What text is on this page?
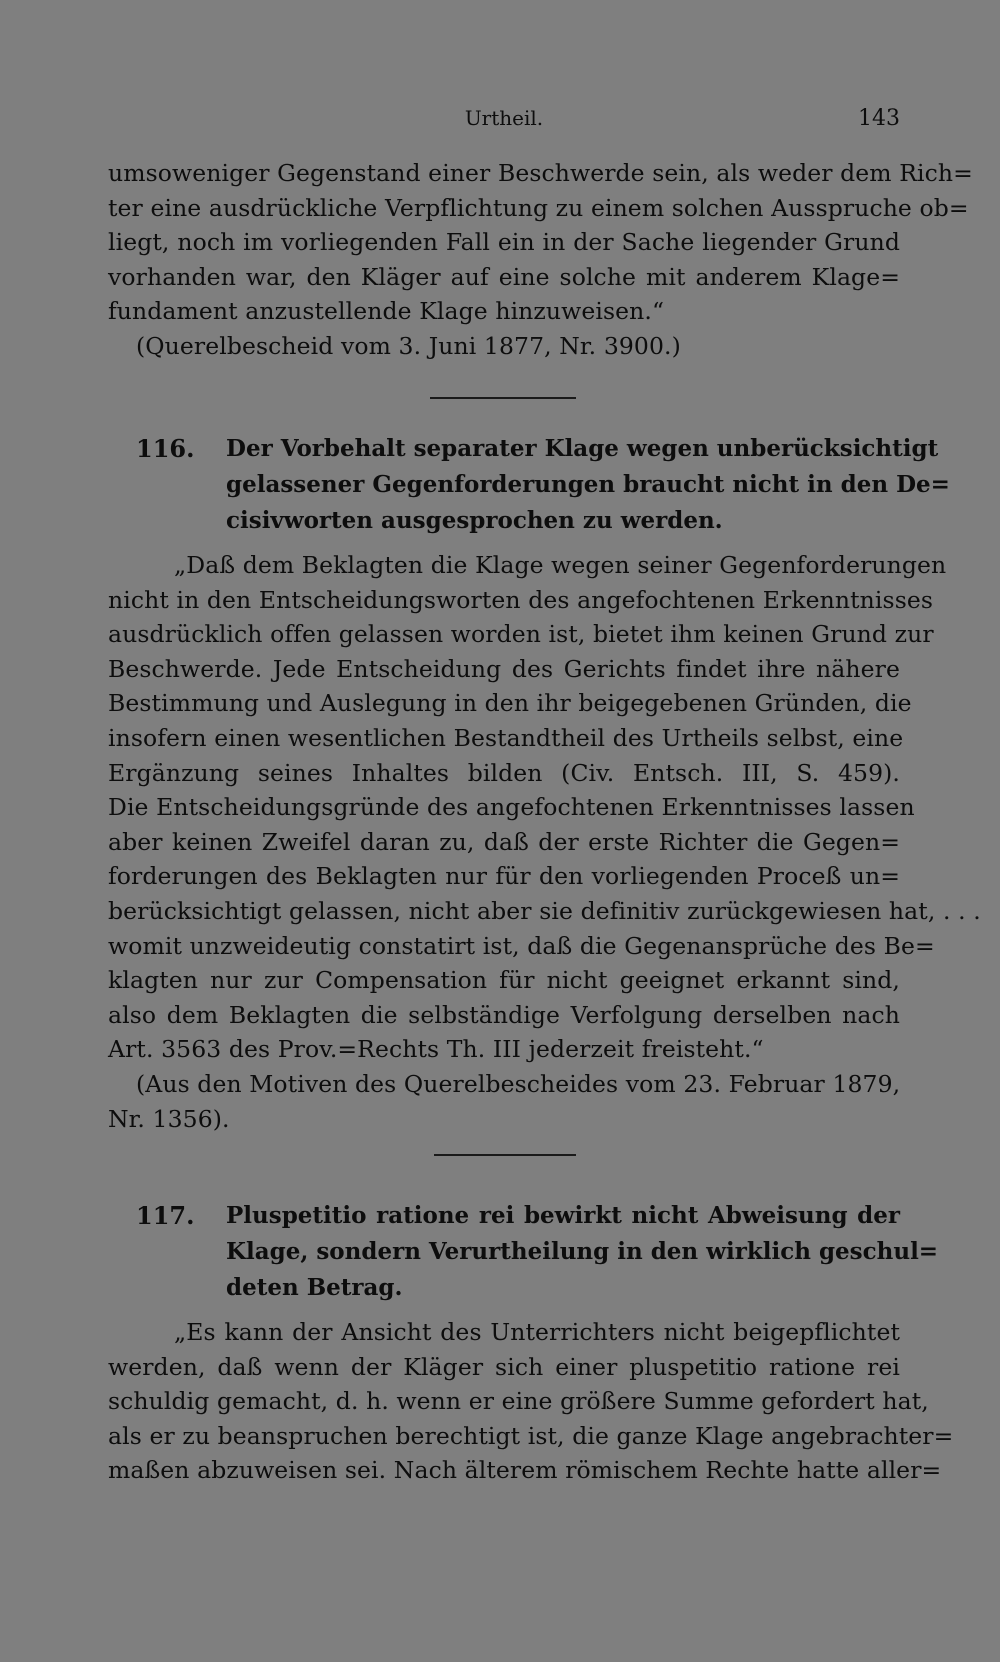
Urtheil.	143
umsoweniger Gegenstand einer Beschwerde sein, als weder dem Rich=
ter eine ausdrückliche Verpflichtung zu einem solchen Ausspruche ob=
liegt, noch im vorliegenden Fall ein in der Sache liegender Grund
vorhanden war, den Kläger auf eine solche mit anderem Klage=
fundament anzustellende Klage hinzuweisen.“
(Querelbescheid vom 3. Juni 1877, Nr. 3900.)
116. Der Vorbehalt separater Klage wegen unberücksichtigt
gelassener Gegenforderungen braucht nicht in den De=
cisivworten ausgesprochen zu werden.
„Daß dem Beklagten die Klage wegen seiner Gegenforderungen
nicht in den Entscheidungsworten des angefochtenen Erkenntnisses
ausdrücklich offen gelassen worden ist, bietet ihm keinen Grund zur
Beschwerde. Jede Entscheidung des Gerichts findet ihre nähere
Bestimmung und Auslegung in den ihr beigegebenen Gründen, die
insofern einen wesentlichen Bestandtheil des Urtheils selbst, eine
Ergänzung seines Inhaltes bilden (Civ. Entsch. III, S. 459).
Die Entscheidungsgründe des angefochtenen Erkenntnisses lassen
aber keinen Zweifel daran zu, daß der erste Richter die Gegen=
forderungen des Beklagten nur für den vorliegenden Proceß un=
berücksichtigt gelassen, nicht aber sie definitiv zurückgewiesen hat, . . .
womit unzweideutig constatirt ist, daß die Gegenansprüche des Be=
klagten nur zur Compensation für nicht geeignet erkannt sind,
also dem Beklagten die selbständige Verfolgung derselben nach
Art. 3563 des Prov.=Rechts Th. III jederzeit freisteht.“
(Aus den Motiven des Querelbescheides vom 23. Februar 1879,
Nr. 1356).
117. Pluspetitio ratione rei bewirkt nicht Abweisung der
Klage, sondern Verurtheilung in den wirklich geschul=
deten Betrag.
„Es kann der Ansicht des Unterrichters nicht beigepflichtet
werden, daß wenn der Kläger sich einer pluspetitio ratione rei
schuldig gemacht, d. h. wenn er eine größere Summe gefordert hat,
als er zu beanspruchen berechtigt ist, die ganze Klage angebrachter=
maßen abzuweisen sei. Nach älterem römischem Rechte hatte aller=
